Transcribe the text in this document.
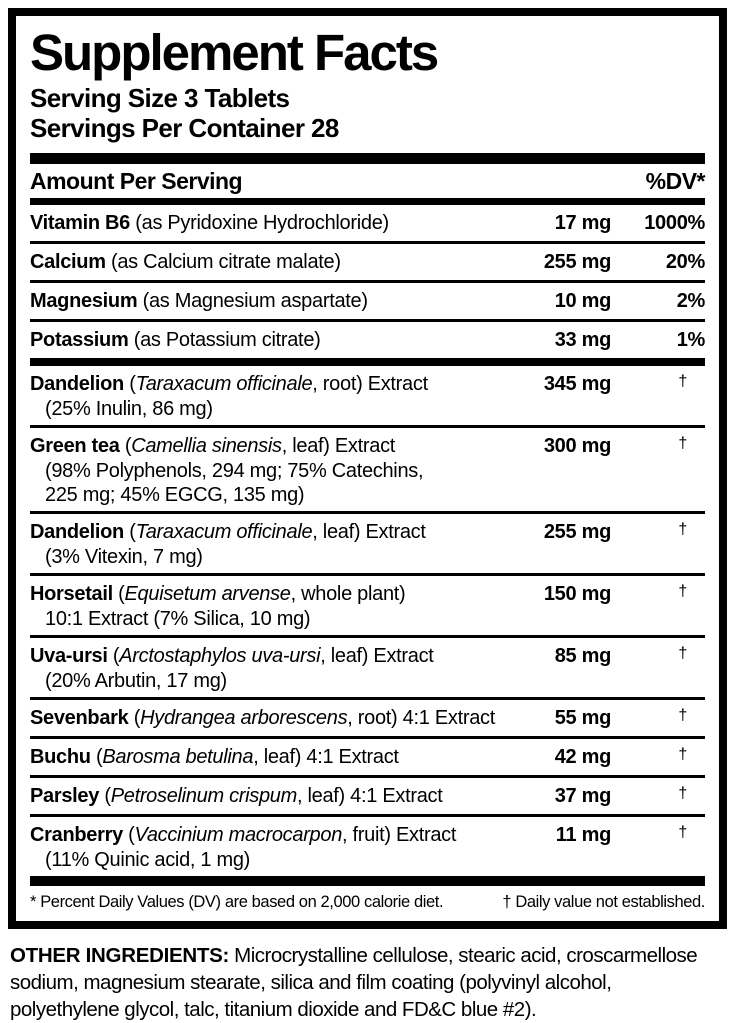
Supplement Facts
Serving Size 3 Tablets
Servings Per Container 28
Amount Per Serving	%DV*
Vitamin B6 (as Pyridoxine Hydrochloride)	17 mg	1000%
Calcium (as Calcium citrate malate)	255 mg	20%
Magnesium (as Magnesium aspartate)	10 mg	2%
Potassium (as Potassium citrate)	33 mg	1%
Dandelion (Taraxacum officinale, root) Extract
(25% Inulin, 86 mg)
345 mg	†
Green tea (Camellia sinensis, leaf) Extract
(98% Polyphenols, 294 mg; 75% Catechins,
225 mg; 45% EGCG, 135 mg)
300 mg	†
Dandelion (Taraxacum officinale, leaf) Extract
(3% Vitexin, 7 mg)
255 mg	†
Horsetail (Equisetum arvense, whole plant)
10:1 Extract (7% Silica, 10 mg)
150 mg	†
Uva-ursi (Arctostaphylos uva-ursi, leaf) Extract
(20% Arbutin, 17 mg)
85 mg	†
Sevenbark (Hydrangea arborescens, root) 4:1 Extract	55 mg	†
Buchu (Barosma betulina, leaf) 4:1 Extract	42 mg	†
Parsley (Petroselinum crispum, leaf) 4:1 Extract	37 mg	†
Cranberry (Vaccinium macrocarpon, fruit) Extract
(11% Quinic acid, 1 mg)
11 mg	†
* Percent Daily Values (DV) are based on 2,000 calorie diet.	† Daily value not established.

OTHER INGREDIENTS: Microcrystalline cellulose, stearic acid, croscarmellose sodium, magnesium stearate, silica and film coating (polyvinyl alcohol, polyethylene glycol, talc, titanium dioxide and FD&C blue #2).
